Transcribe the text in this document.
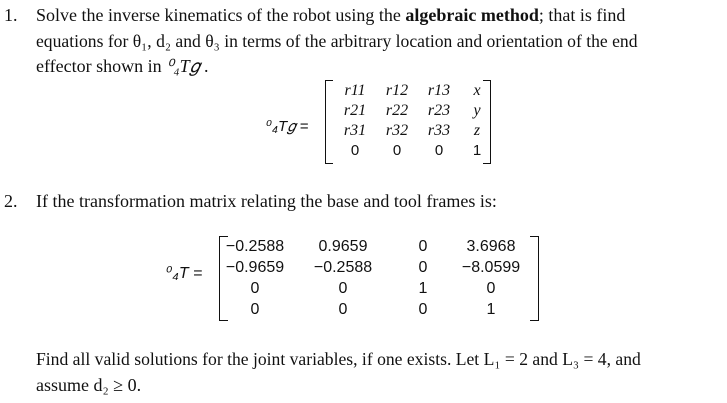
1. Solve the inverse kinematics of the robot using the algebraic method; that is find
equations for θ₁, d₂ and θ₃ in terms of the arbitrary location and orientation of the end
effector shown in ⁰₄T𝑔 .
⁰₄T𝑔 =
r11	r12	r13	x
r21	r22	r23	y
r31	r32	r33	z
0	0	0	1
2. If the transformation matrix relating the base and tool frames is:
⁰₄T =
−0.2588	0.9659	0	3.6968
−0.9659	−0.2588	0	−8.0599
0	0	1	0
0	0	0	1
Find all valid solutions for the joint variables, if one exists. Let L₁ = 2 and L₃ = 4, and
assume d₂ ≥ 0.
